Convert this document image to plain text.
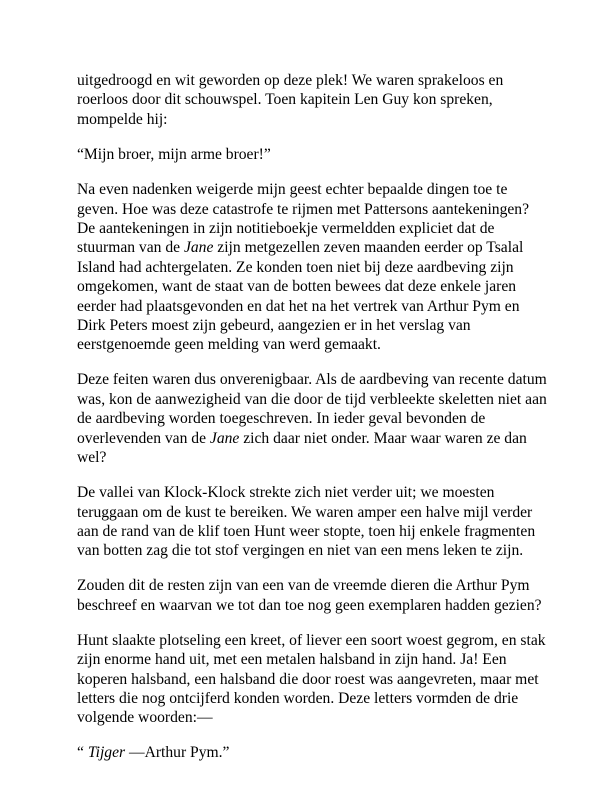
uitgedroogd en wit geworden op deze plek! We waren sprakeloos en roerloos door dit schouwspel. Toen kapitein Len Guy kon spreken, mompelde hij:

“Mijn broer, mijn arme broer!”

Na even nadenken weigerde mijn geest echter bepaalde dingen toe te geven. Hoe was deze catastrofe te rijmen met Pattersons aantekeningen? De aantekeningen in zijn notitieboekje vermeldden expliciet dat de stuurman van de Jane zijn metgezellen zeven maanden eerder op Tsalal Island had achtergelaten. Ze konden toen niet bij deze aardbeving zijn omgekomen, want de staat van de botten bewees dat deze enkele jaren eerder had plaatsgevonden en dat het na het vertrek van Arthur Pym en Dirk Peters moest zijn gebeurd, aangezien er in het verslag van eerstgenoemde geen melding van werd gemaakt.

Deze feiten waren dus onverenigbaar. Als de aardbeving van recente datum was, kon de aanwezigheid van die door de tijd verbleekte skeletten niet aan de aardbeving worden toegeschreven. In ieder geval bevonden de overlevenden van de Jane zich daar niet onder. Maar waar waren ze dan wel?

De vallei van Klock-Klock strekte zich niet verder uit; we moesten teruggaan om de kust te bereiken. We waren amper een halve mijl verder aan de rand van de klif toen Hunt weer stopte, toen hij enkele fragmenten van botten zag die tot stof vergingen en niet van een mens leken te zijn.

Zouden dit de resten zijn van een van de vreemde dieren die Arthur Pym beschreef en waarvan we tot dan toe nog geen exemplaren hadden gezien?

Hunt slaakte plotseling een kreet, of liever een soort woest gegrom, en stak zijn enorme hand uit, met een metalen halsband in zijn hand. Ja! Een koperen halsband, een halsband die door roest was aangevreten, maar met letters die nog ontcijferd konden worden. Deze letters vormden de drie volgende woorden:—

“ Tijger —Arthur Pym.”
